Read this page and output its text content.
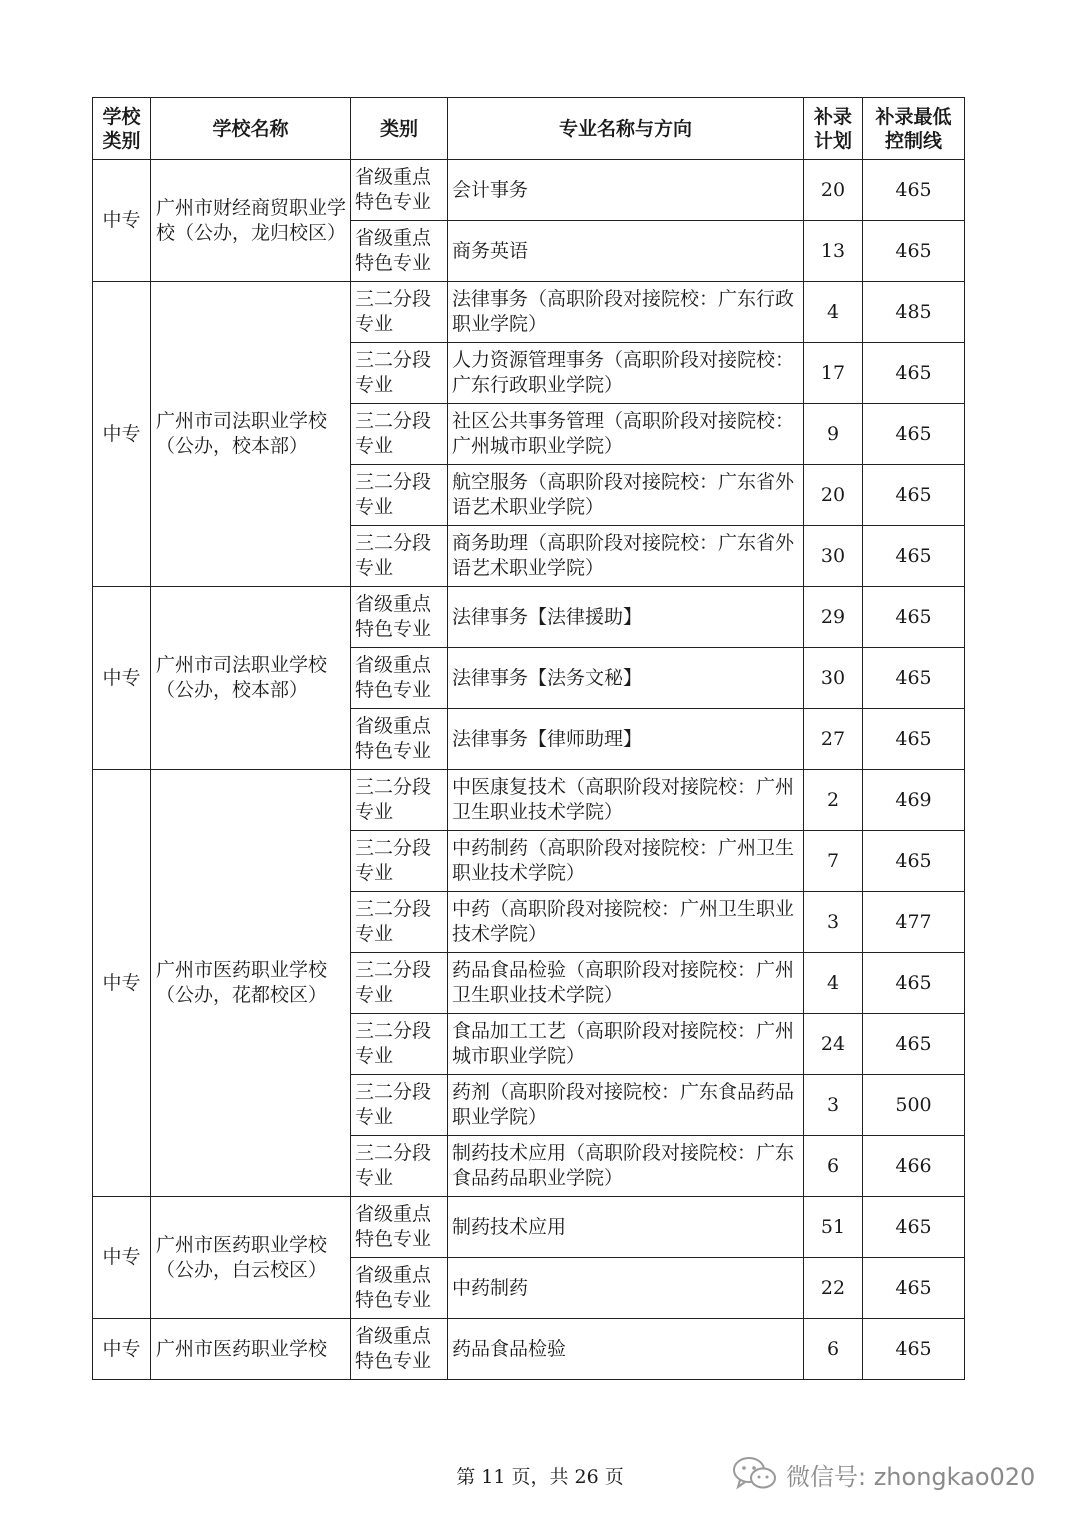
学校类别	学校名称	类别	专业名称与方向	补录计划	补录最低控制线
中专	广州市财经商贸职业学校（公办，龙归校区）	省级重点特色专业	会计事务	20	465
		省级重点特色专业	商务英语	13	465
中专	广州市司法职业学校（公办，校本部）	三二分段专业	法律事务（高职阶段对接院校：广东行政职业学院）	4	485
		三二分段专业	人力资源管理事务（高职阶段对接院校：广东行政职业学院）	17	465
		三二分段专业	社区公共事务管理（高职阶段对接院校：广州城市职业学院）	9	465
		三二分段专业	航空服务（高职阶段对接院校：广东省外语艺术职业学院）	20	465
		三二分段专业	商务助理（高职阶段对接院校：广东省外语艺术职业学院）	30	465
中专	广州市司法职业学校（公办，校本部）	省级重点特色专业	法律事务【法律援助】	29	465
		省级重点特色专业	法律事务【法务文秘】	30	465
		省级重点特色专业	法律事务【律师助理】	27	465
中专	广州市医药职业学校（公办，花都校区）	三二分段专业	中医康复技术（高职阶段对接院校：广州卫生职业技术学院）	2	469
		三二分段专业	中药制药（高职阶段对接院校：广州卫生职业技术学院）	7	465
		三二分段专业	中药（高职阶段对接院校：广州卫生职业技术学院）	3	477
		三二分段专业	药品食品检验（高职阶段对接院校：广州卫生职业技术学院）	4	465
		三二分段专业	食品加工工艺（高职阶段对接院校：广州城市职业学院）	24	465
		三二分段专业	药剂（高职阶段对接院校：广东食品药品职业学院）	3	500
		三二分段专业	制药技术应用（高职阶段对接院校：广东食品药品职业学院）	6	466
中专	广州市医药职业学校（公办，白云校区）	省级重点特色专业	制药技术应用	51	465
		省级重点特色专业	中药制药	22	465
中专	广州市医药职业学校	省级重点特色专业	药品食品检验	6	465
第 11 页，共 26 页	微信号: zhongkao020
